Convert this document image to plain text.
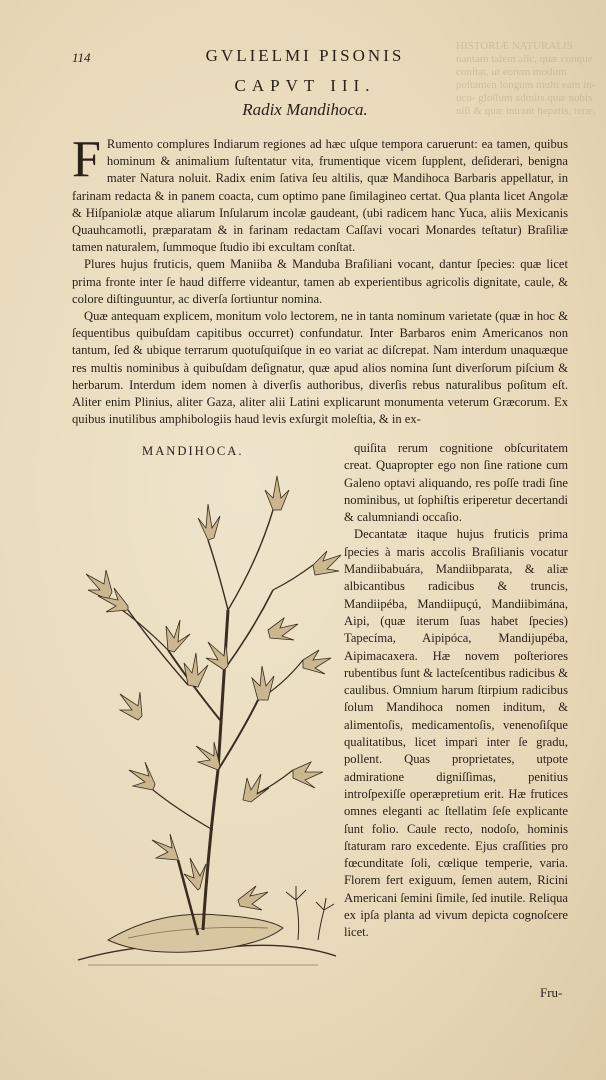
HISTORIÆ NATURALIS nantam talem alic, quæ cunque conſtat, ut eorem modum poſtamen longum multi eam in-uco- gloſſum admits quæ nobis niſi & quæ intrant hepatis, teræ.
114	GVLIELMI PISONIS
CAPVT III.
Radix Mandihoca.
F Rumento complures Indiarum regiones ad hæc uſque tempora caruerunt: ea tamen, quibus hominum & animalium ſuſtentatur vita, frumentique vicem ſupplent, deſiderari, benigna mater Natura noluit. Radix enim ſativa ſeu altilis, quæ Mandihoca Barbaris appellatur, in farinam redacta & in panem coacta, cum optimo pane ſimilagineo certat. Qua planta licet Angolæ & Hiſpaniolæ atque aliarum Inſularum incolæ gaudeant, (ubi radicem hanc Yuca, aliis Mexicanis Quauhcamotli, præparatam & in farinam redactam Caſſavi vocari Monardes teſtatur) Braſiliæ tamen naturalem, ſummoque ſtudio ibi excultam conſtat.

Plures hujus fruticis, quem Maniiba & Manduba Braſiliani vocant, dantur ſpecies: quæ licet prima fronte inter ſe haud differre videantur, tamen ab experientibus agricolis dignitate, caule, & colore diſtinguuntur, ac diverſa ſortiuntur nomina.

Quæ antequam explicem, monitum volo lectorem, ne in tanta nominum varietate (quæ in hoc & ſequentibus quibuſdam capitibus occurret) confundatur. Inter Barbaros enim Americanos non tantum, ſed & ubique terrarum quotuſquiſque in eo variat ac diſcrepat. Nam interdum unaquæque res multis nominibus à quibuſdam deſignatur, quæ apud alios nomina ſunt diverſorum piſcium & herbarum. Interdum idem nomen à diverſis authoribus, diverſis rebus naturalibus poſitum eſt. Aliter enim Plinius, aliter Gaza, aliter alii Latini explicarunt monumenta veterum Græcorum. Ex quibus inutilibus amphibologiis haud levis exſurgit moleſtia, & in ex-

MANDIHOCA.	quiſita rerum cognitione obſcuritatem creat. Quapropter ego non ſine ratione cum Galeno optavi aliquando, res poſſe tradi ſine nominibus, ut ſophiſtis eriperetur decertandi & calumniandi occaſio.

Decantatæ itaque hujus fruticis prima ſpecies à maris accolis Braſilianis vocatur Mandiibabuára, Mandiibparata, & aliæ albicantibus radicibus & truncis, Mandiipéba, Mandiipuçú, Mandiibimána, Aipi, (quæ iterum ſuas habet ſpecies) Tapecíma, Aipipóca, Mandijupéba, Aipimacaxera. Hæ novem poſteriores rubentibus ſunt & lacteſcentibus radicibus & caulibus. Omnium harum ſtirpium radicibus ſolum Mandihoca nomen inditum, & alimentoſis, medicamentoſis, venenoſiſque qualitatibus, licet impari inter ſe gradu, pollent. Quas proprietates, utpote admiratione digniſſimas, penitius introſpexiſſe operæpretium erit. Hæ frutices omnes eleganti ac ſtellatim ſeſe explicante ſunt folio. Caule recto, nodoſo, hominis ſtaturam raro excedente. Ejus craſſities pro fœcunditate ſoli, cœlique temperie, varia. Florem fert exiguum, ſemen autem, Ricini Americani ſemini ſimile, ſed inutile. Reliqua ex ipſa planta ad vivum depicta cognoſcere licet.

Fru-
